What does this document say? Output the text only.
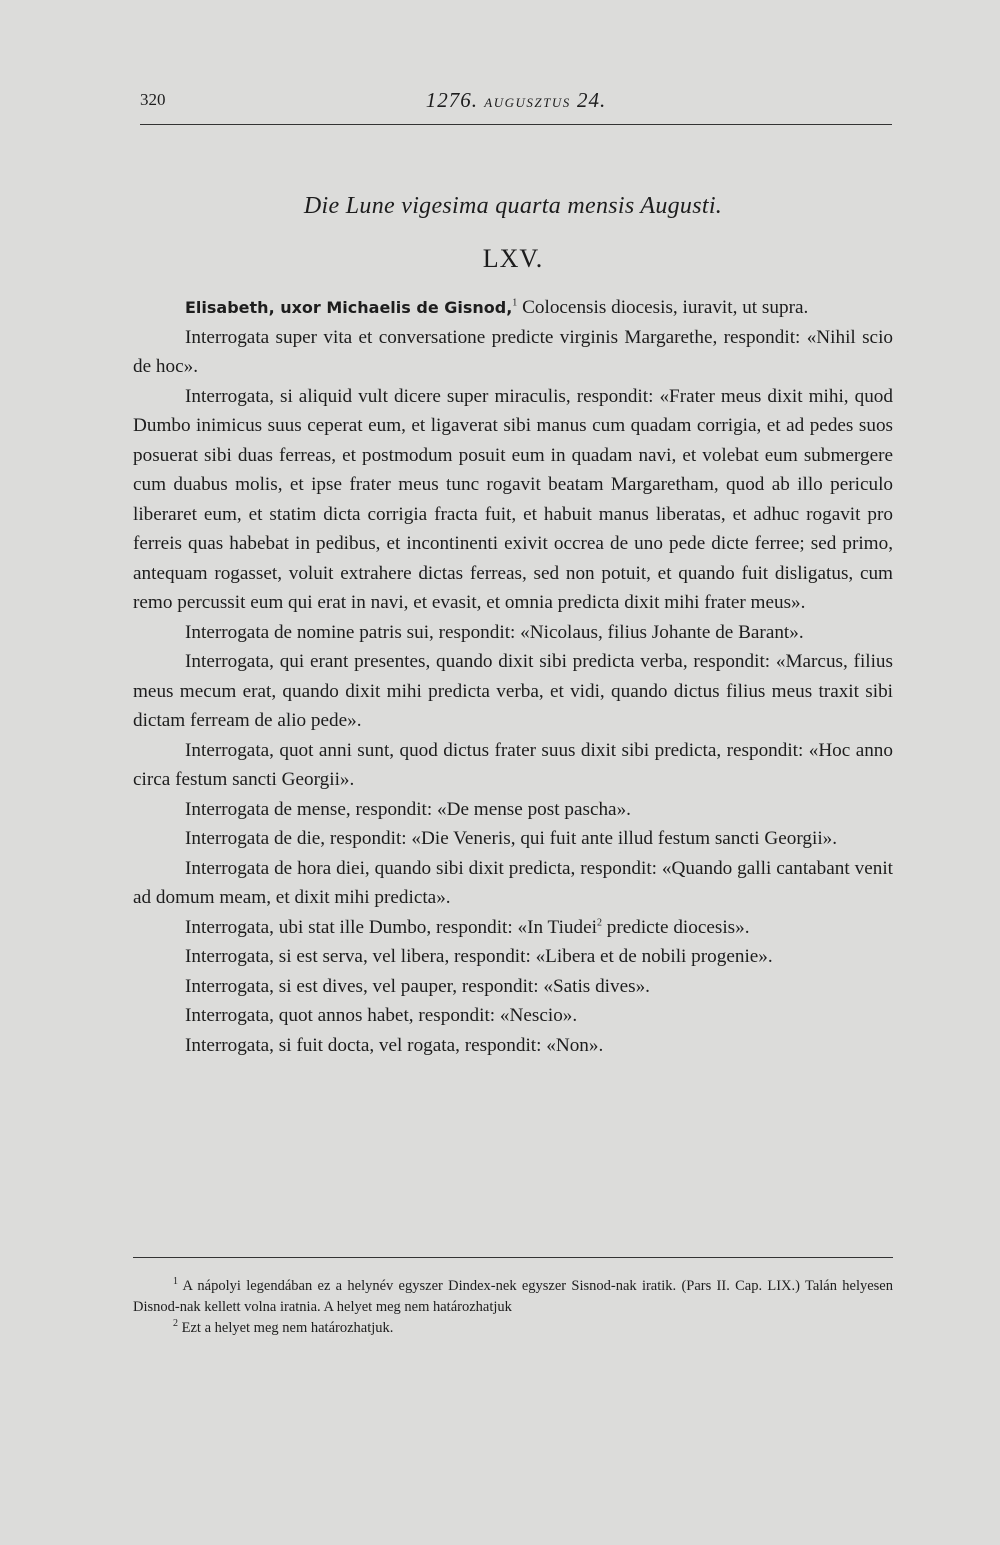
320	1276. AUGUSZTUS 24.
Die Lune vigesima quarta mensis Augusti.
LXV.

Elisabeth, uxor Michaelis de Gisnod,$^1$ Colocensis diocesis, iuravit, ut supra.

Interrogata super vita et conversatione predicte virginis Margarethe, respondit: «Nihil scio de hoc».

Interrogata, si aliquid vult dicere super miraculis, respondit: «Frater meus dixit mihi, quod Dumbo inimicus suus ceperat eum, et ligaverat sibi manus cum quadam corrigia, et ad pedes suos posuerat sibi duas ferreas, et postmodum posuit eum in quadam navi, et volebat eum submergere cum duabus molis, et ipse frater meus tunc rogavit beatam Margaretham, quod ab illo periculo liberaret eum, et statim dicta corrigia fracta fuit, et habuit manus liberatas, et adhuc rogavit pro ferreis quas habebat in pedibus, et incontinenti exivit occrea de uno pede dicte ferree; sed primo, antequam rogasset, voluit extrahere dictas ferreas, sed non potuit, et quando fuit disligatus, cum remo percussit eum qui erat in navi, et evasit, et omnia predicta dixit mihi frater meus».

Interrogata de nomine patris sui, respondit: «Nicolaus, filius Johante de Barant».

Interrogata, qui erant presentes, quando dixit sibi predicta verba, respondit: «Marcus, filius meus mecum erat, quando dixit mihi predicta verba, et vidi, quando dictus filius meus traxit sibi dictam ferream de alio pede».

Interrogata, quot anni sunt, quod dictus frater suus dixit sibi predicta, respondit: «Hoc anno circa festum sancti Georgii».

Interrogata de mense, respondit: «De mense post pascha».

Interrogata de die, respondit: «Die Veneris, qui fuit ante illud festum sancti Georgii».

Interrogata de hora diei, quando sibi dixit predicta, respondit: «Quando galli cantabant venit ad domum meam, et dixit mihi predicta».

Interrogata, ubi stat ille Dumbo, respondit: «In Tiudei$^2$ predicte diocesis».

Interrogata, si est serva, vel libera, respondit: «Libera et de nobili progenie».

Interrogata, si est dives, vel pauper, respondit: «Satis dives».

Interrogata, quot annos habet, respondit: «Nescio».

Interrogata, si fuit docta, vel rogata, respondit: «Non».

$^1$ A nápolyi legendában ez a helynév egyszer Dindex-nek egyszer Sisnod-nak iratik. (Pars II. Cap. LIX.) Talán helyesen Disnod-nak kellett volna iratnia. A helyet meg nem határozhatjuk

$^2$ Ezt a helyet meg nem határozhatjuk.
